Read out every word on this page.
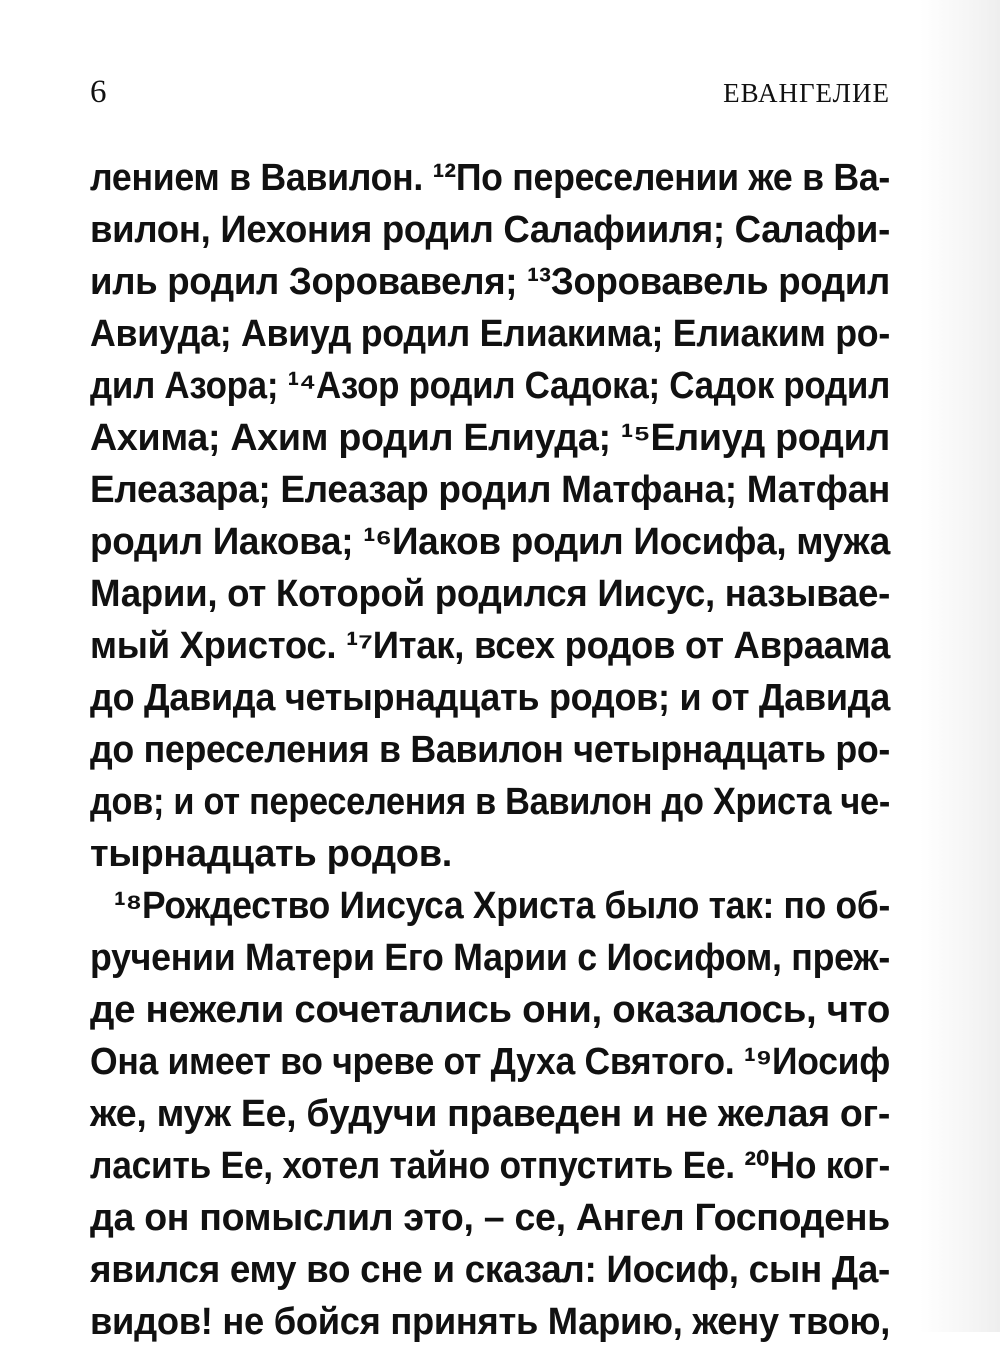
6	ЕВАНГЕЛИЕ
лением в Вавилон. ¹²По переселении же в Ва-
вилон, Иехония родил Салафииля; Салафи-
иль родил Зоровавеля; ¹³Зоровавель родил
Авиуда; Авиуд родил Елиакима; Елиаким ро-
дил Азора; ¹⁴Азор родил Садока; Садок родил
Ахима; Ахим родил Елиуда; ¹⁵Елиуд родил
Елеазара; Елеазар родил Матфана; Матфан
родил Иакова; ¹⁶Иаков родил Иосифа, мужа
Марии, от Которой родился Иисус, называе-
мый Христос. ¹⁷Итак, всех родов от Авраама
до Давида четырнадцать родов; и от Давида
до переселения в Вавилон четырнадцать ро-
дов; и от переселения в Вавилон до Христа че-
тырнадцать родов.
¹⁸Рождество Иисуса Христа было так: по об-
ручении Матери Его Марии с Иосифом, преж-
де нежели сочетались они, оказалось, что
Она имеет во чреве от Духа Святого. ¹⁹Иосиф
же, муж Ее, будучи праведен и не желая ог-
ласить Ее, хотел тайно отпустить Ее. ²⁰Но ког-
да он помыслил это, – се, Ангел Господень
явился ему во сне и сказал: Иосиф, сын Да-
видов! не бойся принять Марию, жену твою,
